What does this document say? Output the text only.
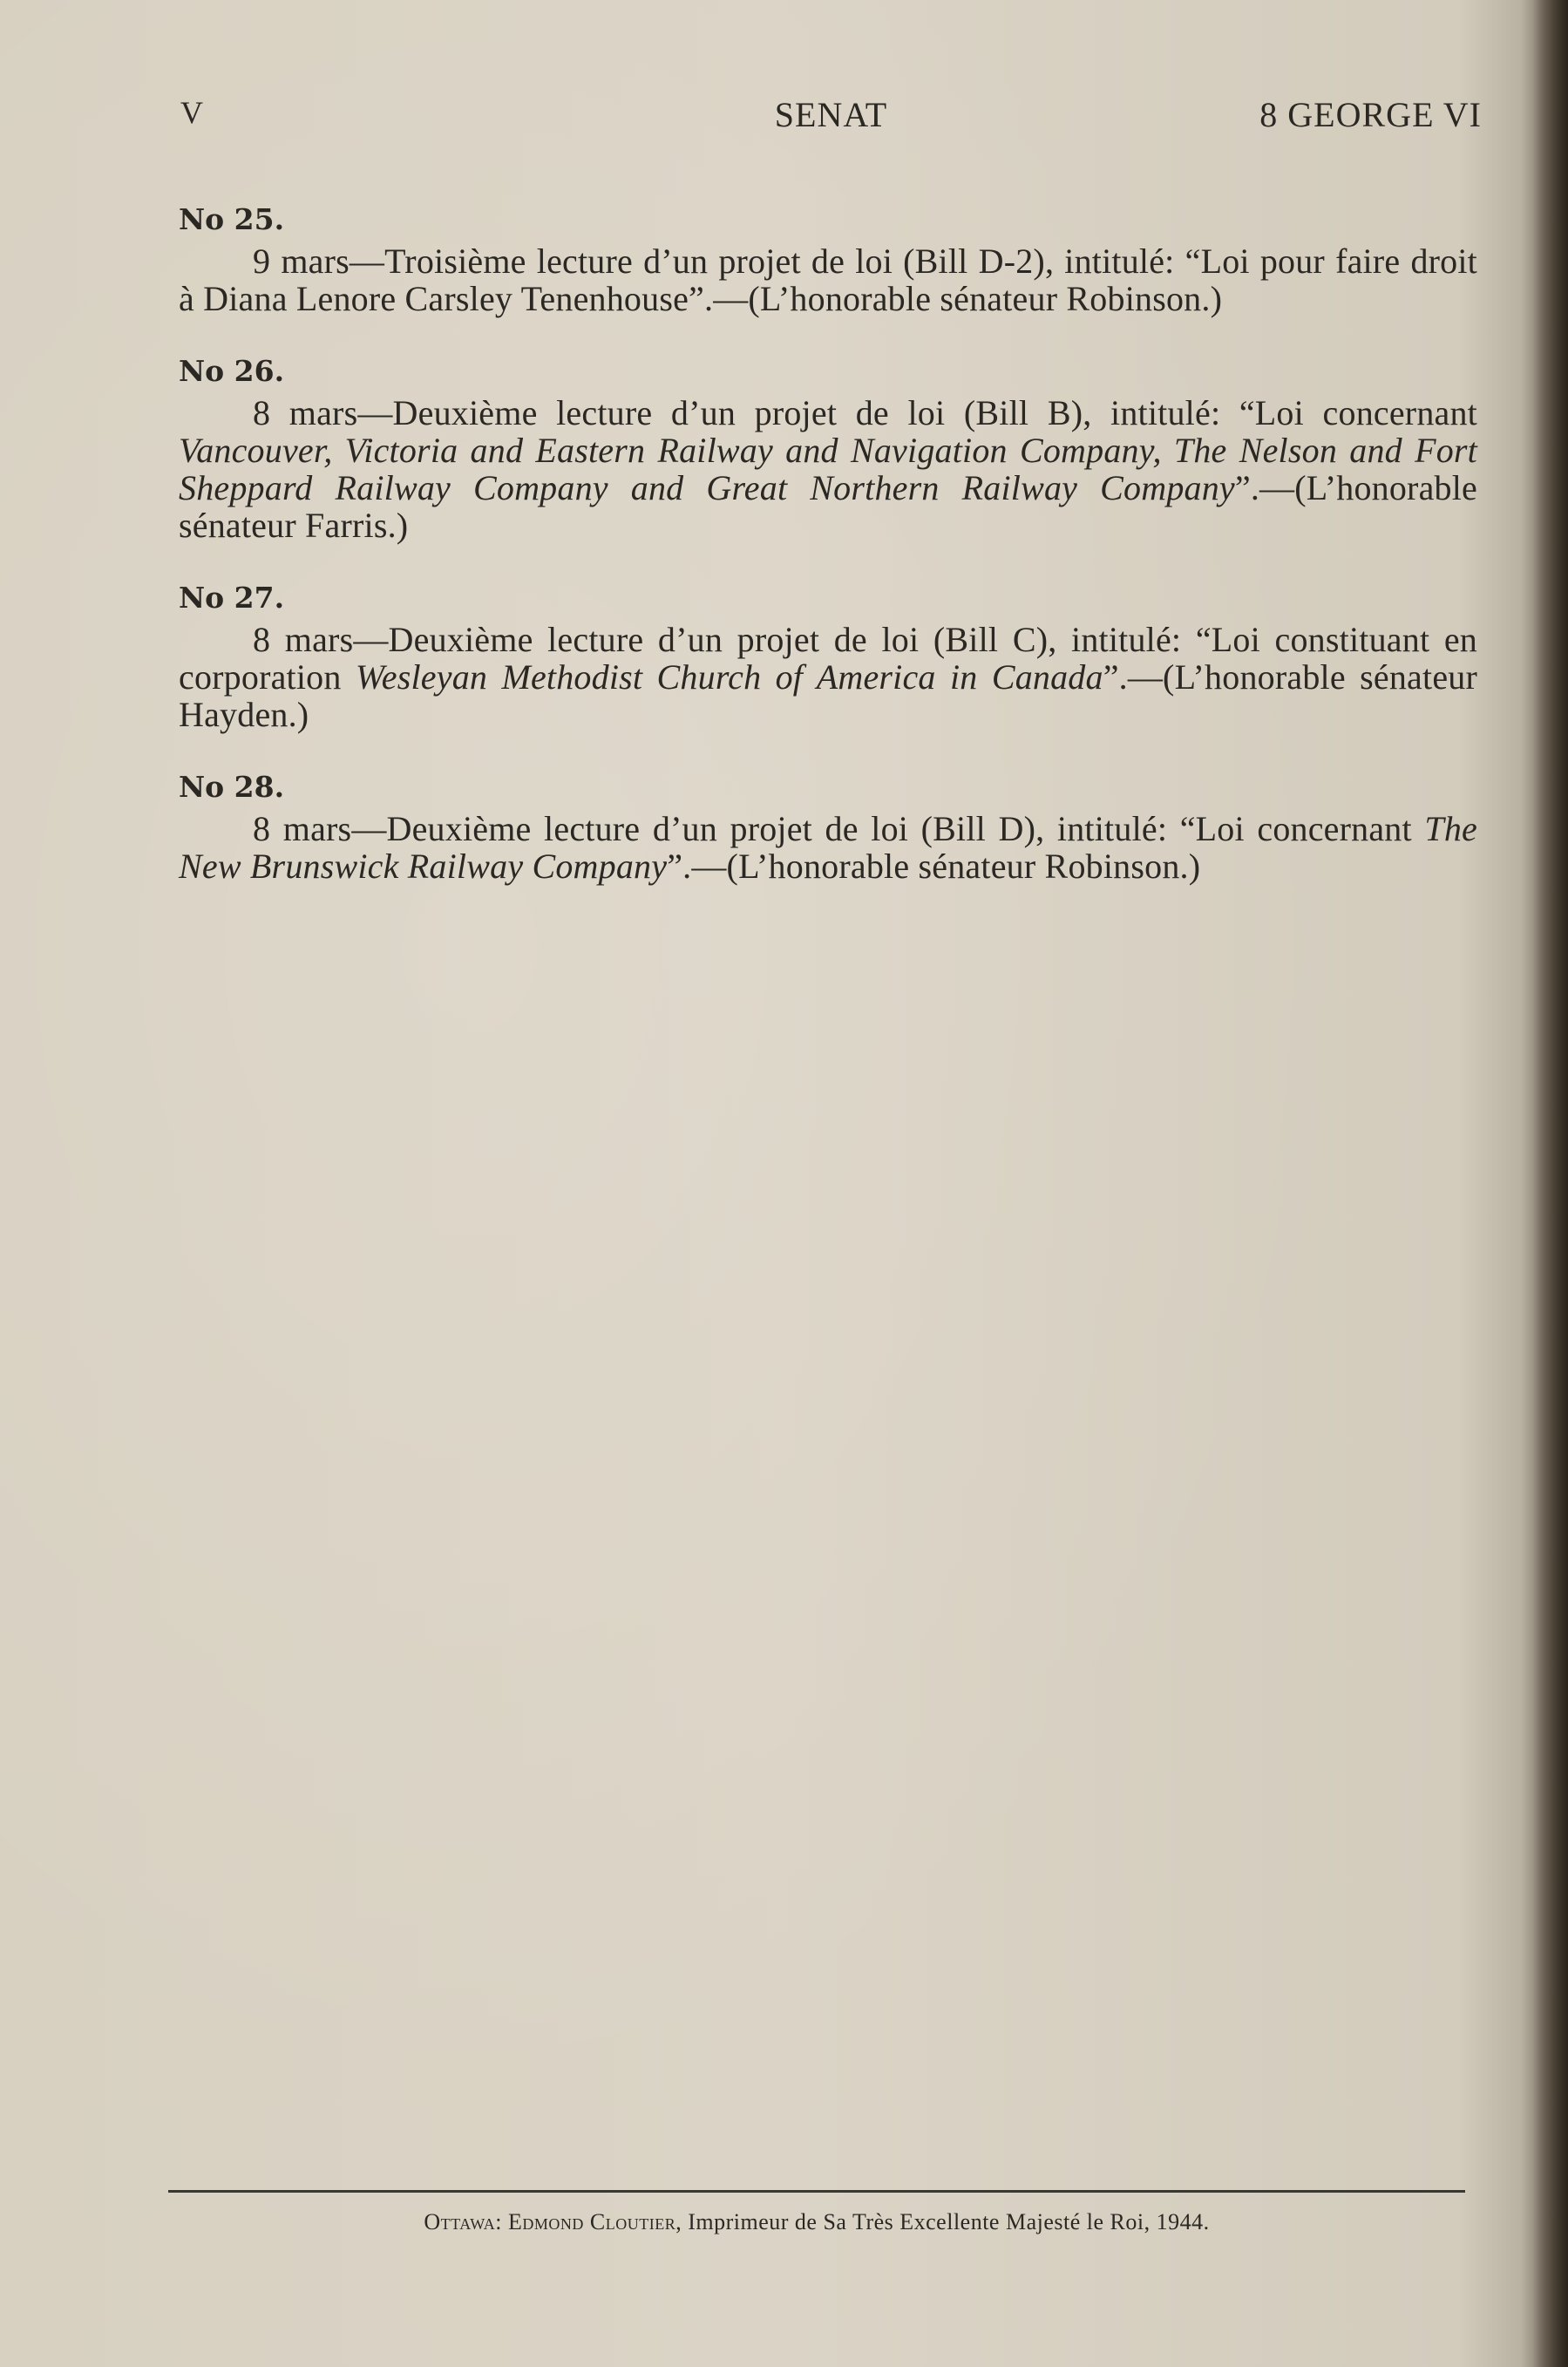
V	SENAT	8 GEORGE VI
No 25.

9 mars—Troisième lecture d’un projet de loi (Bill D-2), intitulé: “Loi pour faire droit à Diana Lenore Carsley Tenenhouse”.—(L’honorable sénateur Robinson.)

No 26.

8 mars—Deuxième lecture d’un projet de loi (Bill B), intitulé: “Loi concernant Vancouver, Victoria and Eastern Railway and Navigation Company, The Nelson and Fort Sheppard Railway Company and Great Northern Railway Company”.—(L’honorable sénateur Farris.)

No 27.

8 mars—Deuxième lecture d’un projet de loi (Bill C), intitulé: “Loi constituant en corporation Wesleyan Methodist Church of America in Canada”.—(L’honorable sénateur Hayden.)

No 28.

8 mars—Deuxième lecture d’un projet de loi (Bill D), intitulé: “Loi concernant The New Brunswick Railway Company”.—(L’honorable sénateur Robinson.)

Ottawa: Edmond Cloutier, Imprimeur de Sa Très Excellente Majesté le Roi, 1944.
